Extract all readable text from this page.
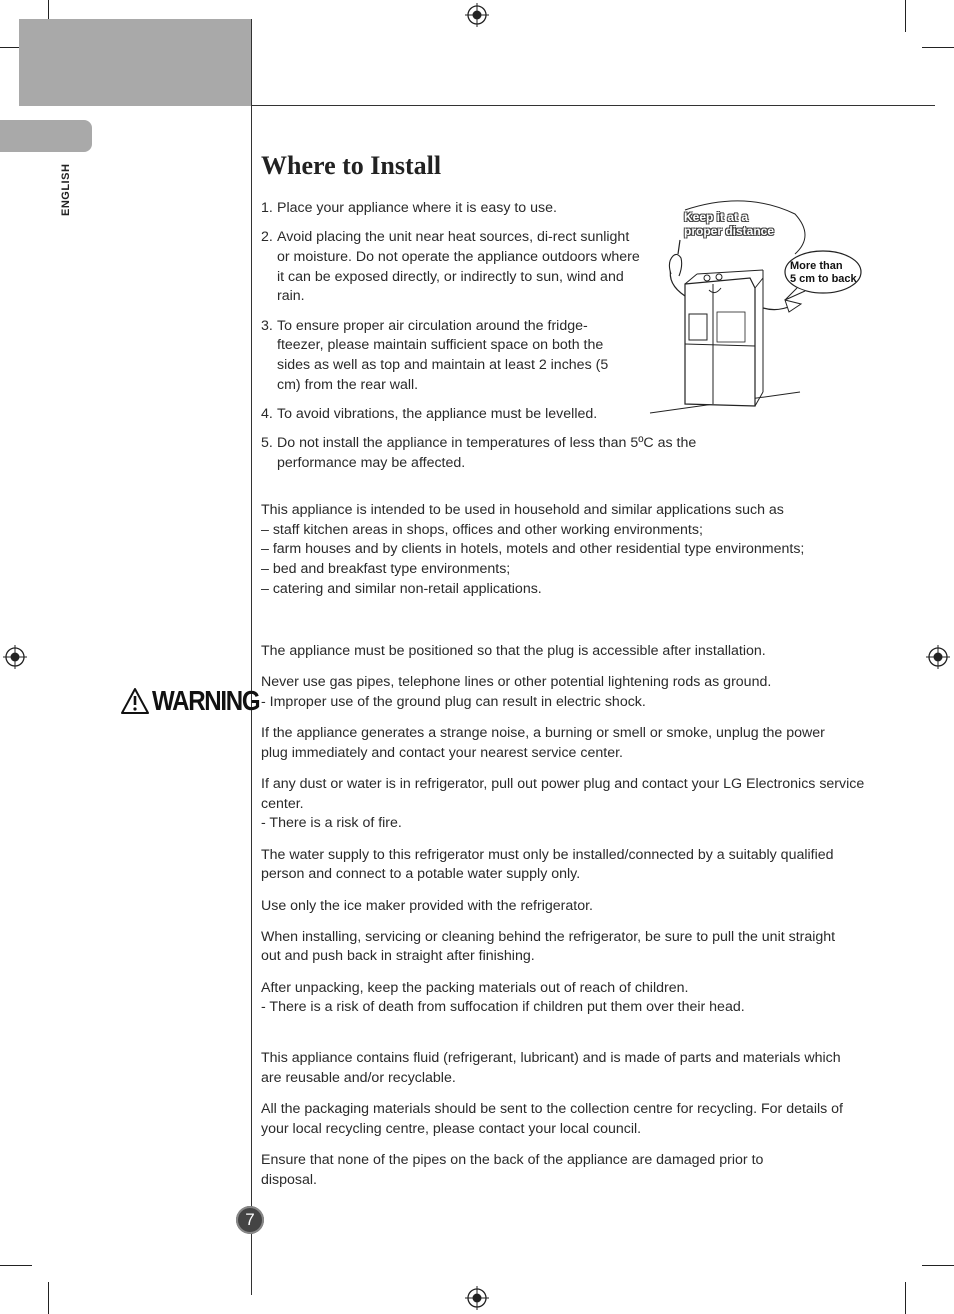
ENGLISH	Where to Install
Keep it at a
proper distance
More than
5 cm to back
1. Place your appliance where it is easy to use.
2. Avoid placing the unit near heat sources, di-rect sunlight or moisture. Do not operate the appliance outdoors where it can be exposed directly, or indirectly to sun, wind and rain.
3. To ensure proper air circulation around the fridge-fteezer, please maintain sufficient space on both the sides as well as top and maintain at least 2 inches (5 cm) from the rear wall.
4. To avoid vibrations, the appliance must be levelled.
5. Do not install the appliance in temperatures of less than 5ºC as the performance may be affected.

This appliance is intended to be used in household and similar applications such as

– staff kitchen areas in shops, offices and other working environments;

– farm houses and by clients in hotels, motels and other residential type environments;

– bed and breakfast type environments;

– catering and similar non-retail applications.

WARNING

The appliance must be positioned so that the plug is accessible after installation.

Never use gas pipes, telephone lines or other potential lightening rods as ground.

- Improper use of the ground plug can result in electric shock.

If the appliance generates a strange noise, a burning or smell or smoke, unplug the power plug immediately and contact your nearest service center.

If any dust or water is in refrigerator, pull out power plug and contact your LG Electronics service center.

- There is a risk of fire.

The water supply to this refrigerator must only be installed/connected by a suitably qualified person and connect to a potable water supply only.

Use only the ice maker provided with the refrigerator.

When installing, servicing or cleaning behind the refrigerator, be sure to pull the unit straight out and push back in straight after finishing.

After unpacking, keep the packing materials out of reach of children.

- There is a risk of death from suffocation if children put them over their head.

This appliance contains fluid (refrigerant, lubricant) and is made of parts and materials which are reusable and/or recyclable.

All the packaging materials should be sent to the collection centre for recycling. For details of your local recycling centre, please contact your local council.

Ensure that none of the pipes on the back of the appliance are damaged prior to disposal.

7
